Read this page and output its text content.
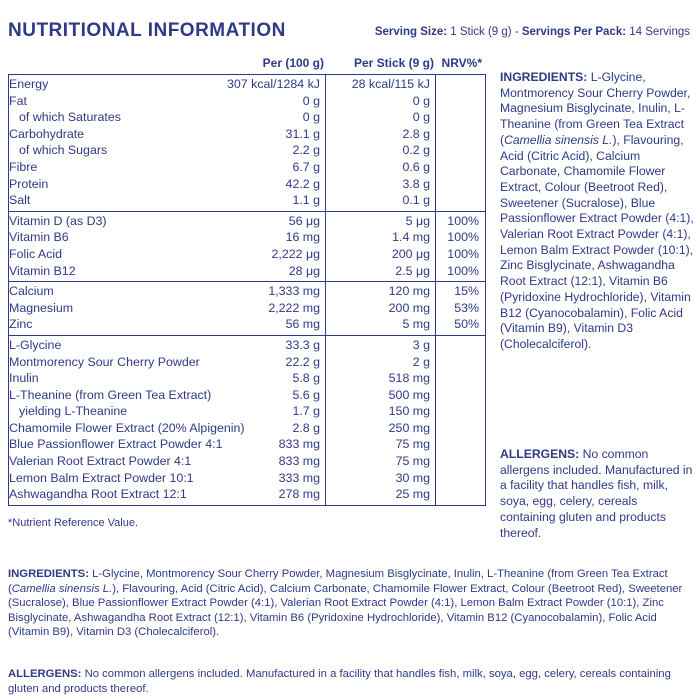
NUTRITIONAL INFORMATION	Serving Size: 1 Stick (9 g) - Servings Per Pack: 14 Servings
Per (100 g) Per Stick (9 g) NRV%*
Energy	307 kcal/1284 kJ	28 kcal/115 kJ
Fat	0 g	0 g
of which Saturates	0 g	0 g
Carbohydrate	31.1 g	2.8 g
of which Sugars	2.2 g	0.2 g
Fibre	6.7 g	0.6 g
Protein	42.2 g	3.8 g
Salt	1.1 g	0.1 g
Vitamin D (as D3)	56 μg	5 μg 100%
Vitamin B6	16 mg	1.4 mg 100%
Folic Acid	2,222 μg	200 μg 100%
Vitamin B12	28 μg	2.5 μg 100%
Calcium	1,333 mg	120 mg 15%
Magnesium	2,222 mg	200 mg 53%
Zinc	56 mg	5 mg 50%
L-Glycine	33.3 g	3 g
Montmorency Sour Cherry Powder	22.2 g	2 g
Inulin	5.8 g	518 mg
L-Theanine (from Green Tea Extract)	5.6 g	500 mg
yielding L-Theanine	1.7 g	150 mg
Chamomile Flower Extract (20% Alpigenin)	2.8 g	250 mg
Blue Passionflower Extract Powder 4:1	833 mg	75 mg
Valerian Root Extract Powder 4:1	833 mg	75 mg
Lemon Balm Extract Powder 10:1	333 mg	30 mg
Ashwagandha Root Extract 12:1	278 mg	25 mg
*Nutrient Reference Value.
INGREDIENTS: L-Glycine, Montmorency Sour Cherry Powder, Magnesium Bisglycinate, Inulin, L-Theanine (from Green Tea Extract (Camellia sinensis L.), Flavouring, Acid (Citric Acid), Calcium Carbonate, Chamomile Flower Extract, Colour (Beetroot Red), Sweetener (Sucralose), Blue Passionflower Extract Powder (4:1), Valerian Root Extract Powder (4:1), Lemon Balm Extract Powder (10:1), Zinc Bisglycinate, Ashwagandha Root Extract (12:1), Vitamin B6 (Pyridoxine Hydrochloride), Vitamin B12 (Cyanocobalamin), Folic Acid (Vitamin B9), Vitamin D3 (Cholecalciferol).
ALLERGENS: No common allergens included. Manufactured in a facility that handles fish, milk, soya, egg, celery, cereals containing gluten and products thereof.
INGREDIENTS: L-Glycine, Montmorency Sour Cherry Powder, Magnesium Bisglycinate, Inulin, L-Theanine (from Green Tea Extract (Camellia sinensis L.), Flavouring, Acid (Citric Acid), Calcium Carbonate, Chamomile Flower Extract, Colour (Beetroot Red), Sweetener (Sucralose), Blue Passionflower Extract Powder (4:1), Valerian Root Extract Powder (4:1), Lemon Balm Extract Powder (10:1), Zinc Bisglycinate, Ashwagandha Root Extract (12:1), Vitamin B6 (Pyridoxine Hydrochloride), Vitamin B12 (Cyanocobalamin), Folic Acid (Vitamin B9), Vitamin D3 (Cholecalciferol).
ALLERGENS: No common allergens included. Manufactured in a facility that handles fish, milk, soya, egg, celery, cereals containing gluten and products thereof.
